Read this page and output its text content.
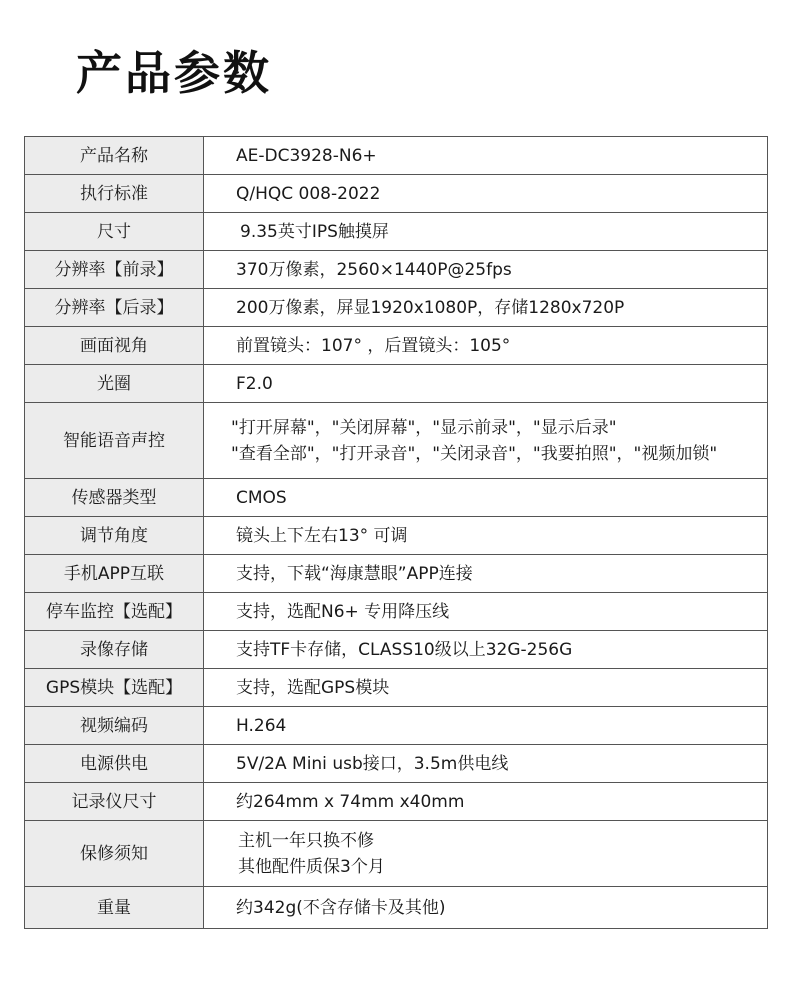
产品参数
产品名称	AE-DC3928-N6+
执行标准	Q/HQC 008-2022
尺寸	9.35英寸IPS触摸屏
分辨率【前录】	370万像素，2560×1440P@25fps
分辨率【后录】	200万像素，屏显1920x1080P，存储1280x720P
画面视角	前置镜头：107° ，后置镜头：105°
光圈	F2.0
智能语音声控	"打开屏幕"，"关闭屏幕"，"显示前录"，"显示后录"
"查看全部"，"打开录音"，"关闭录音"，"我要拍照"，"视频加锁"

传感器类型	CMOS
调节角度	镜头上下左右13° 可调
手机APP互联	支持，下载“海康慧眼”APP连接
停车监控【选配】	支持，选配N6+ 专用降压线
录像存储	支持TF卡存储，CLASS10级以上32G-256G
GPS模块【选配】	支持，选配GPS模块
视频编码	H.264
电源供电	5V/2A Mini usb接口，3.5m供电线
记录仪尺寸	约264mm x 74mm x40mm
保修须知	主机一年只换不修
其他配件质保3个月

重量	约342g(不含存储卡及其他)
